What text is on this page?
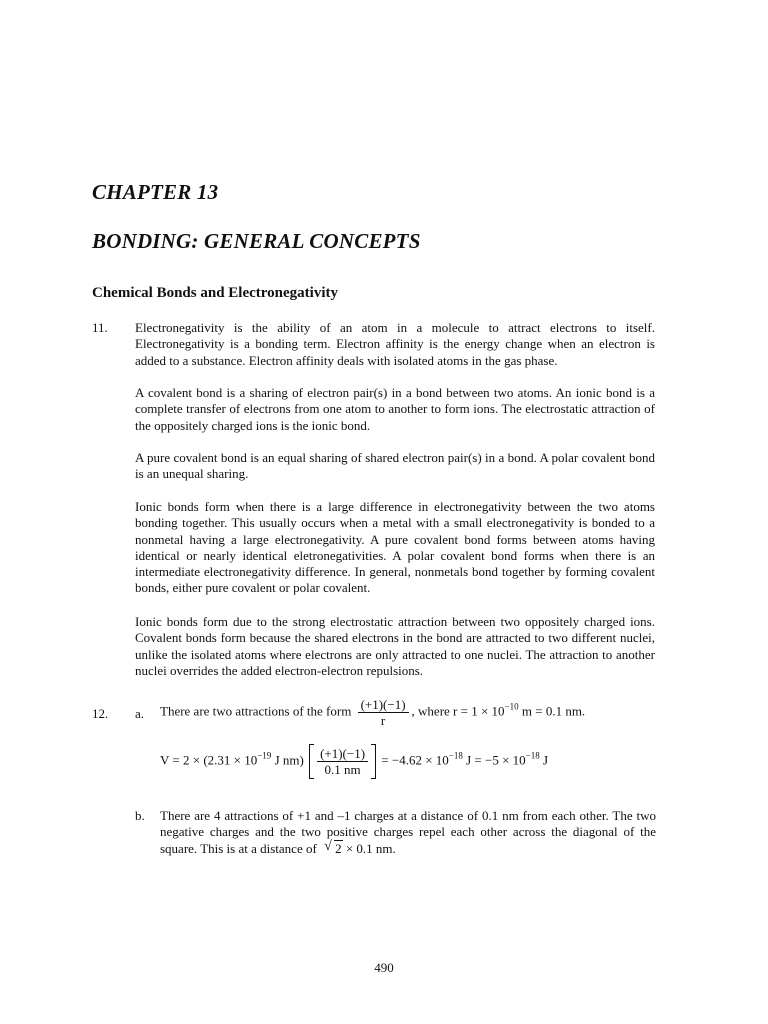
CHAPTER 13
BONDING: GENERAL CONCEPTS
Chemical Bonds and Electronegativity
11. Electronegativity is the ability of an atom in a molecule to attract electrons to itself. Electronegativity is a bonding term. Electron affinity is the energy change when an electron is added to a substance. Electron affinity deals with isolated atoms in the gas phase.
A covalent bond is a sharing of electron pair(s) in a bond between two atoms. An ionic bond is a complete transfer of electrons from one atom to another to form ions. The electrostatic attraction of the oppositely charged ions is the ionic bond.
A pure covalent bond is an equal sharing of shared electron pair(s) in a bond. A polar covalent bond is an unequal sharing.
Ionic bonds form when there is a large difference in electronegativity between the two atoms bonding together. This usually occurs when a metal with a small electronegativity is bonded to a nonmetal having a large electronegativity. A pure covalent bond forms between atoms having identical or nearly identical eletronegativities. A polar covalent bond forms when there is an intermediate electronegativity difference. In general, nonmetals bond together by forming covalent bonds, either pure covalent or polar covalent.
Ionic bonds form due to the strong electrostatic attraction between two oppositely charged ions. Covalent bonds form because the shared electrons in the bond are attracted to two different nuclei, unlike the isolated atoms where electrons are only attracted to one nuclei. The attraction to another nuclei overrides the added electron-electron repulsions.
12. a. There are two attractions of the form $\frac{(+1)(-1)}{r}$ , where $r = 1 \times 10^{-10}$ m = 0.1 nm.
$V = 2 \times (2.31 \times 10^{-19}$ J $nm) \frac{(+1)(-1)}{0.1 nm} = -4.62 \times 10^{-18}$ $J = -5 \times 10^{-18}$ J
b. There are 4 attractions of +1 and –1 charges at a distance of 0.1 nm from each other. The two negative charges and the two positive charges repel each other across the diagonal of the square. This is at a distance of √ 2 × 0.1 nm.
490
